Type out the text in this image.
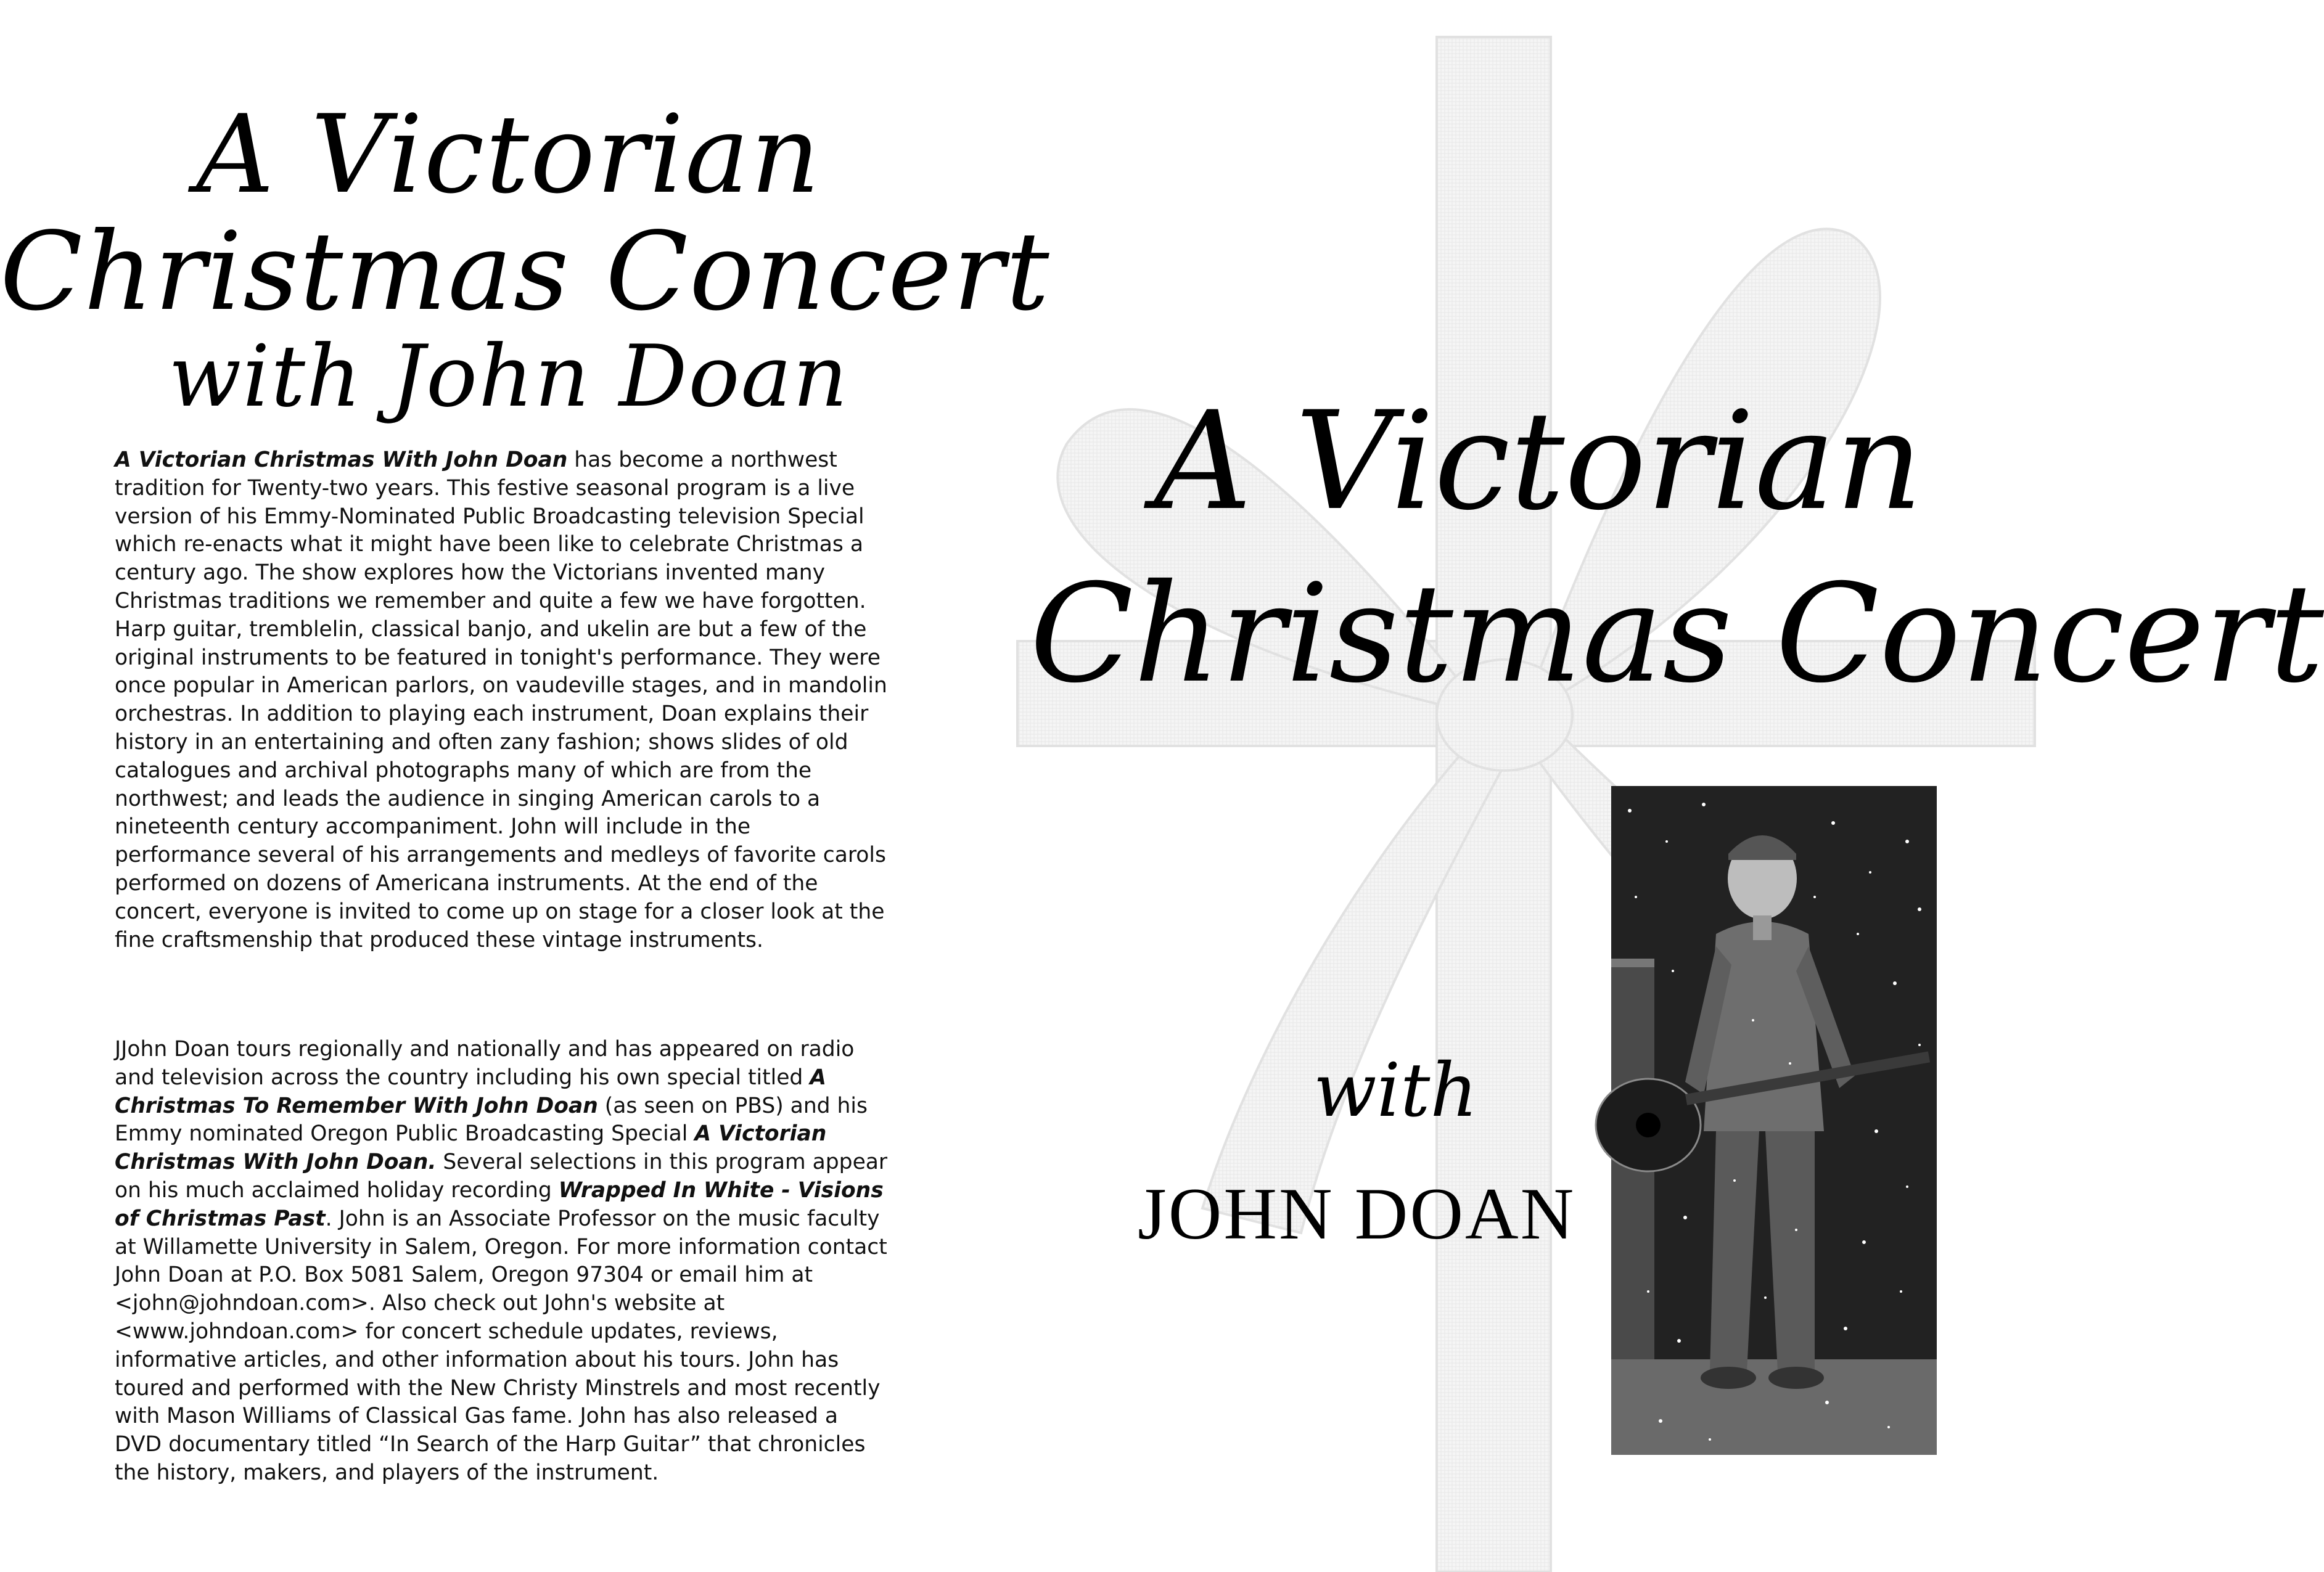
A Victorian
Christmas Concert
with John Doan

A Victorian Christmas With John Doan has become a northwest tradition for Twenty-two years. This festive seasonal program is a live version of his Emmy-Nominated Public Broadcasting television Special which re-enacts what it might have been like to celebrate Christmas a century ago. The show explores how the Victorians invented many Christmas traditions we remember and quite a few we have forgotten. Harp guitar, tremblelin, classical banjo, and ukelin are but a few of the original instruments to be featured in tonight's performance. They were once popular in American parlors, on vaudeville stages, and in mandolin orchestras. In addition to playing each instrument, Doan explains their history in an entertaining and often zany fashion; shows slides of old catalogues and archival photographs many of which are from the northwest; and leads the audience in singing American carols to a nineteenth century accompaniment. John will include in the performance several of his arrangements and medleys of favorite carols performed on dozens of Americana instruments. At the end of the concert, everyone is invited to come up on stage for a closer look at the fine craftsmenship that produced these vintage instruments.

JJohn Doan tours regionally and nationally and has appeared on radio and television across the country including his own special titled A Christmas To Remember With John Doan (as seen on PBS) and his Emmy nominated Oregon Public Broadcasting Special A Victorian Christmas With John Doan. Several selections in this program appear on his much acclaimed holiday recording Wrapped In White - Visions of Christmas Past. John is an Associate Professor on the music faculty at Willamette University in Salem, Oregon. For more information contact John Doan at P.O. Box 5081 Salem, Oregon 97304 or email him at <john@johndoan.com>. Also check out John's website at <www.johndoan.com> for concert schedule updates, reviews, informative articles, and other information about his tours. John has toured and performed with the New Christy Minstrels and most recently with Mason Williams of Classical Gas fame. John has also released a DVD documentary titled “In Search of the Harp Guitar” that chronicles the history, makers, and players of the instrument.

A Victorian
Christmas Concert
with
JOHN DOAN
